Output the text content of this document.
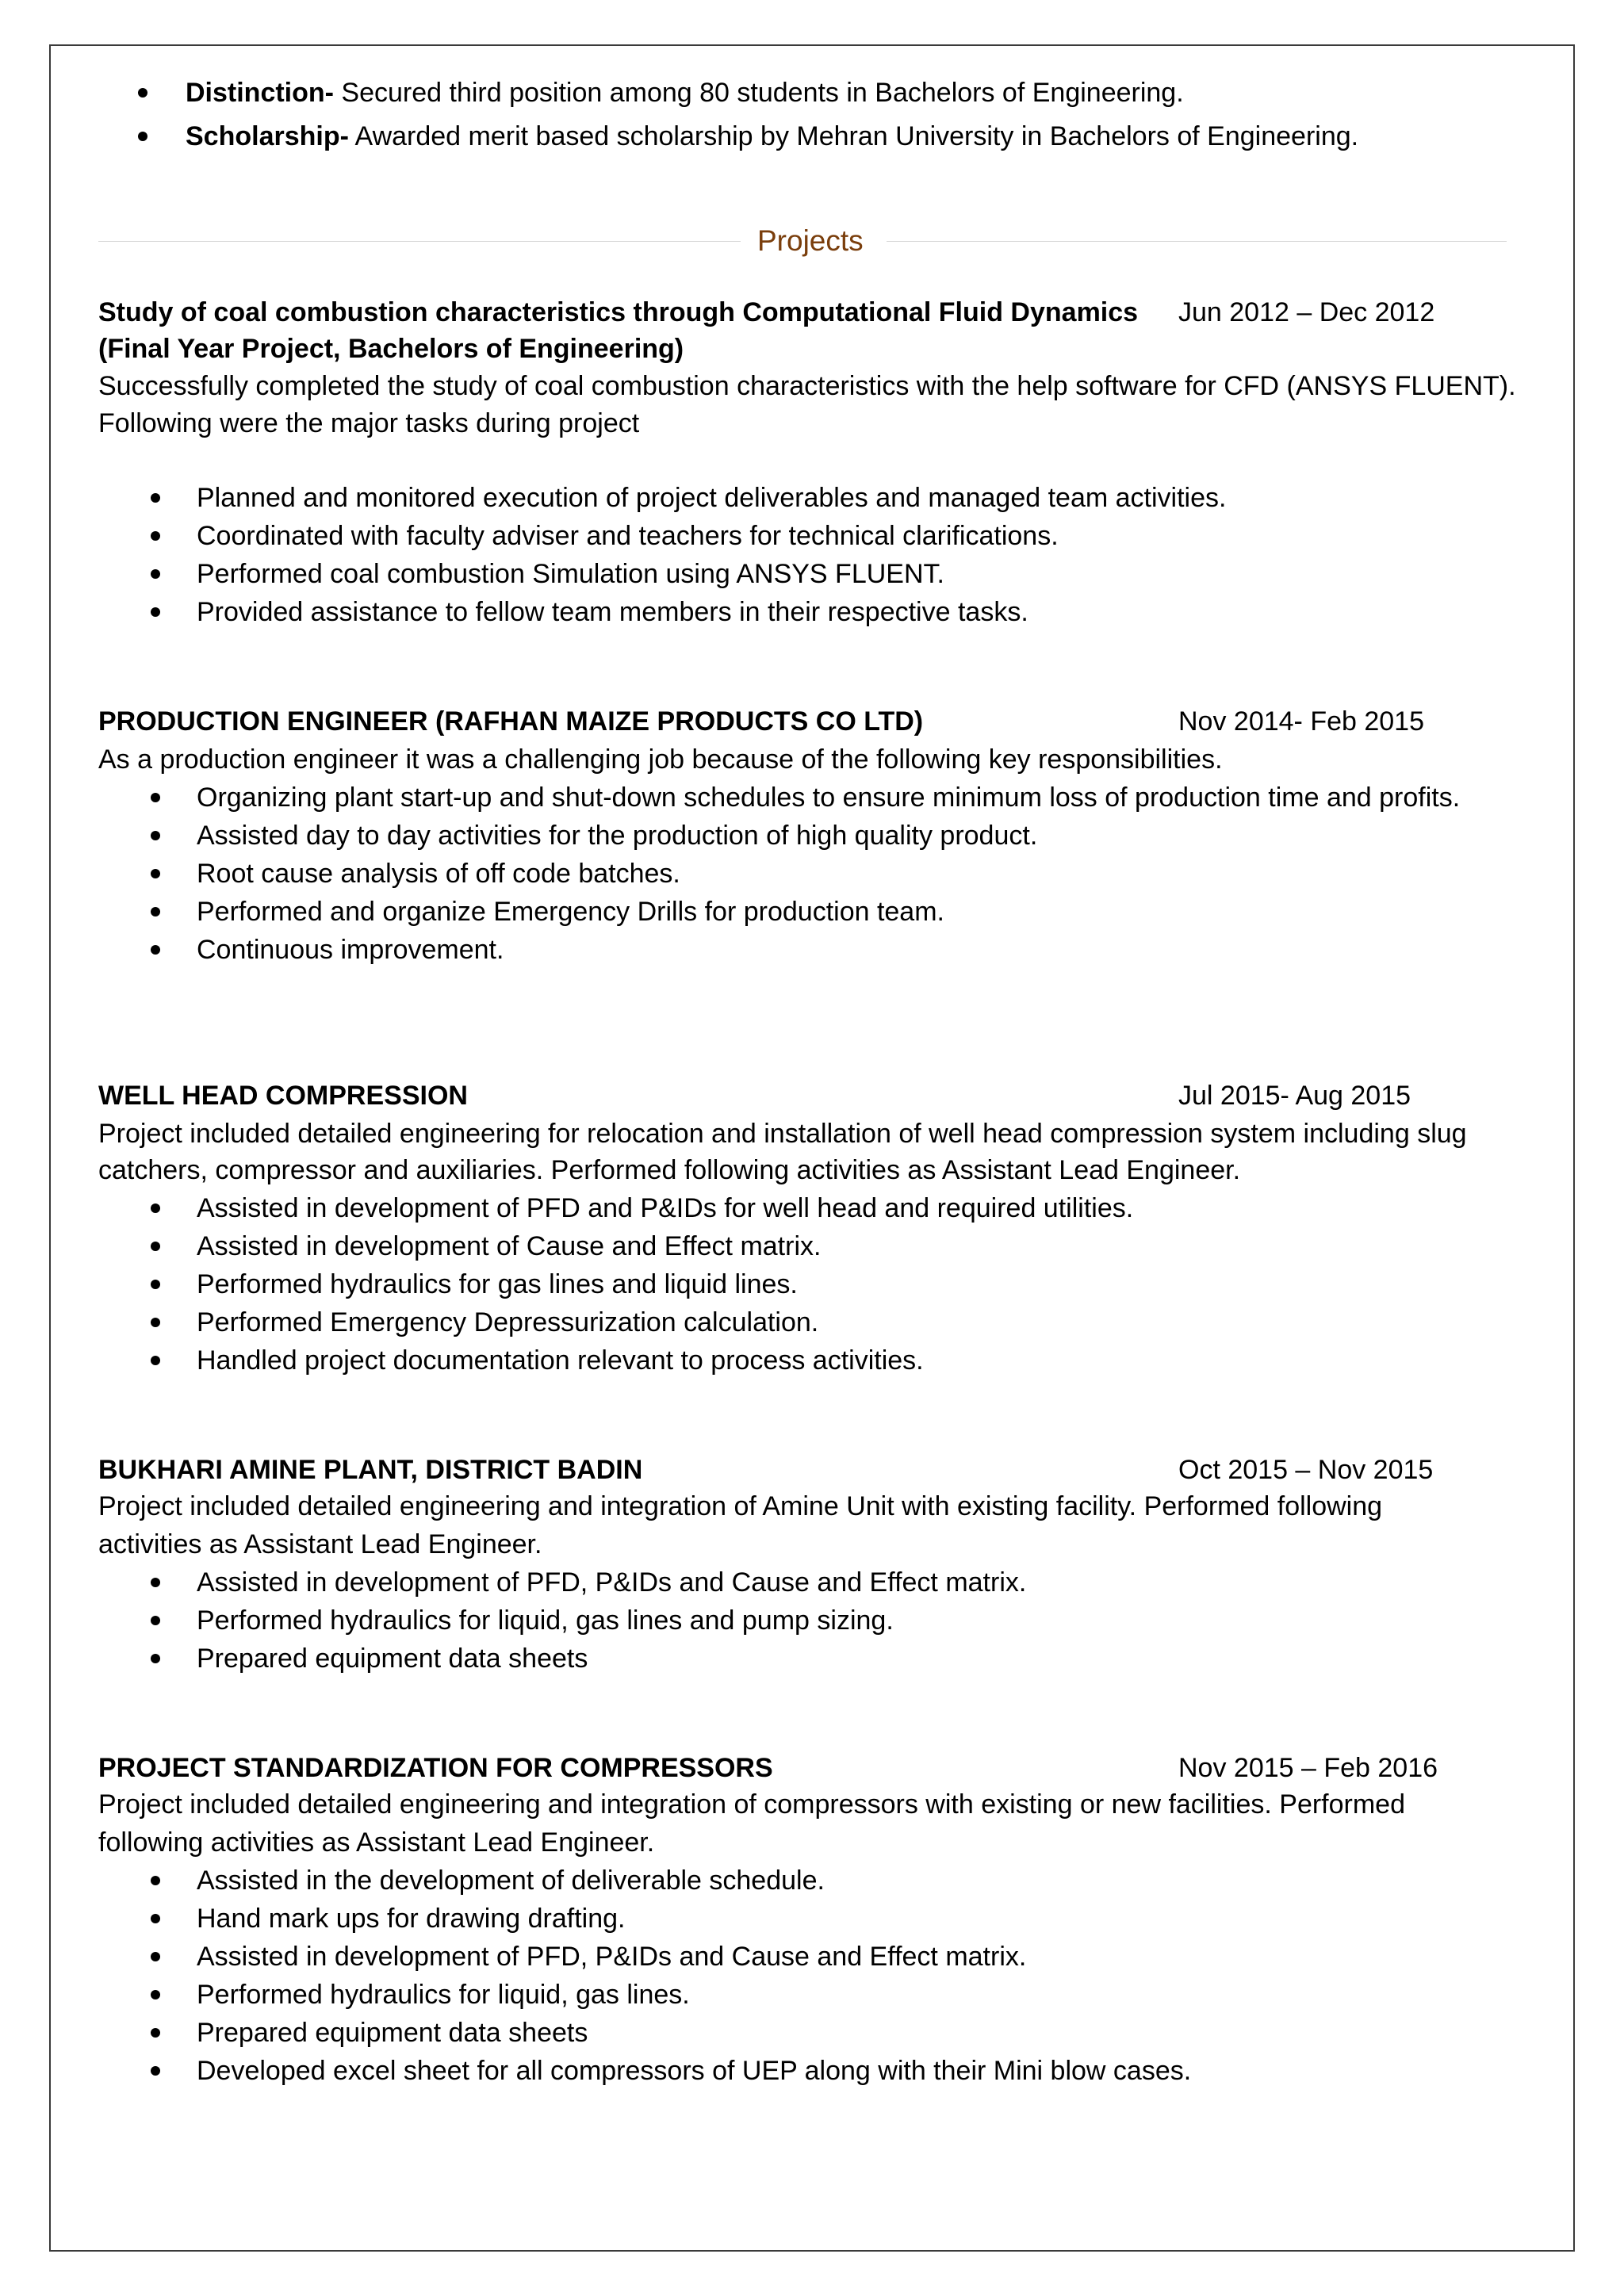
Distinction- Secured third position among 80 students in Bachelors of Engineering.
Scholarship- Awarded merit based scholarship by Mehran University in Bachelors of Engineering.
Projects
Study of coal combustion characteristics through Computational Fluid Dynamics Jun 2012 – Dec 2012
(Final Year Project, Bachelors of Engineering)
Successfully completed the study of coal combustion characteristics with the help software for CFD (ANSYS FLUENT).
Following were the major tasks during project
Planned and monitored execution of project deliverables and managed team activities.
Coordinated with faculty adviser and teachers for technical clarifications.
Performed coal combustion Simulation using ANSYS FLUENT.
Provided assistance to fellow team members in their respective tasks.
PRODUCTION ENGINEER (RAFHAN MAIZE PRODUCTS CO LTD)	Nov 2014- Feb 2015
As a production engineer it was a challenging job because of the following key responsibilities.
Organizing plant start-up and shut-down schedules to ensure minimum loss of production time and profits.
Assisted day to day activities for the production of high quality product.
Root cause analysis of off code batches.
Performed and organize Emergency Drills for production team.
Continuous improvement.
WELL HEAD COMPRESSION	Jul 2015- Aug 2015
Project included detailed engineering for relocation and installation of well head compression system including slug
catchers, compressor and auxiliaries. Performed following activities as Assistant Lead Engineer.
Assisted in development of PFD and P&IDs for well head and required utilities.
Assisted in development of Cause and Effect matrix.
Performed hydraulics for gas lines and liquid lines.
Performed Emergency Depressurization calculation.
Handled project documentation relevant to process activities.
BUKHARI AMINE PLANT, DISTRICT BADIN	Oct 2015 – Nov 2015
Project included detailed engineering and integration of Amine Unit with existing facility. Performed following
activities as Assistant Lead Engineer.
Assisted in development of PFD, P&IDs and Cause and Effect matrix.
Performed hydraulics for liquid, gas lines and pump sizing.
Prepared equipment data sheets
PROJECT STANDARDIZATION FOR COMPRESSORS	Nov 2015 – Feb 2016
Project included detailed engineering and integration of compressors with existing or new facilities. Performed
following activities as Assistant Lead Engineer.
Assisted in the development of deliverable schedule.
Hand mark ups for drawing drafting.
Assisted in development of PFD, P&IDs and Cause and Effect matrix.
Performed hydraulics for liquid, gas lines.
Prepared equipment data sheets
Developed excel sheet for all compressors of UEP along with their Mini blow cases.
